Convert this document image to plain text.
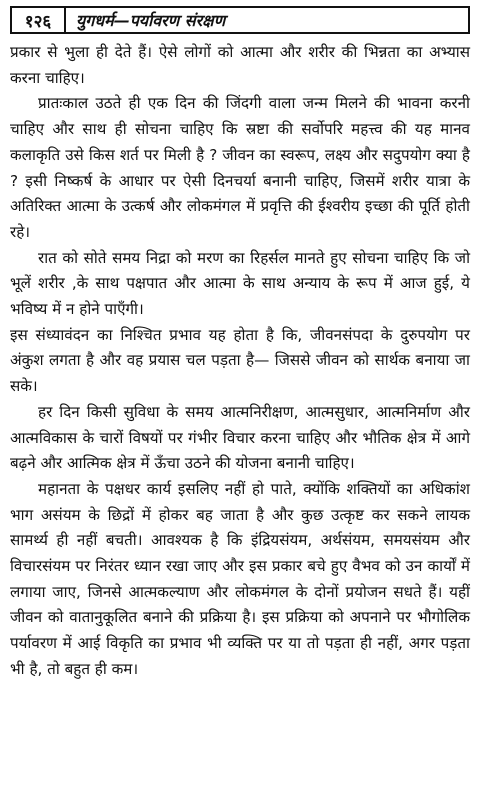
१२६	युगधर्म—पर्यावरण संरक्षण

प्रकार से भुला ही देते हैं। ऐसे लोगों को आत्मा और शरीर की भिन्नता का अभ्यास करना चाहिए।

प्रातःकाल उठते ही एक दिन की जिंदगी वाला जन्म मिलने की भावना करनी चाहिए और साथ ही सोचना चाहिए कि स्रष्टा की सर्वोपरि महत्त्व की यह मानव कलाकृति उसे किस शर्त पर मिली है ? जीवन का स्वरूप, लक्ष्य और सदुपयोग क्या है ? इसी निष्कर्ष के आधार पर ऐसी दिनचर्या बनानी चाहिए, जिसमें शरीर यात्रा के अतिरिक्त आत्मा के उत्कर्ष और लोकमंगल में प्रवृत्ति की ईश्वरीय इच्छा की पूर्ति होती रहे।

रात को सोते समय निद्रा को मरण का रिहर्सल मानते हुए सोचना चाहिए कि जो भूलें शरीर ,के साथ पक्षपात और आत्मा के साथ अन्याय के रूप में आज हुई, ये भविष्य में न होने पाएँगी।

इस संध्यावंदन का निश्चित प्रभाव यह होता है कि, जीवनसंपदा के दुरुपयोग पर अंकुश लगता है और वह प्रयास चल पड़ता है— जिससे जीवन को सार्थक बनाया जा सके।

हर दिन किसी सुविधा के समय आत्मनिरीक्षण, आत्मसुधार, आत्मनिर्माण और आत्मविकास के चारों विषयों पर गंभीर विचार करना चाहिए और भौतिक क्षेत्र में आगे बढ़ने और आत्मिक क्षेत्र में ऊँचा उठने की योजना बनानी चाहिए।

महानता के पक्षधर कार्य इसलिए नहीं हो पाते, क्योंकि शक्तियों का अधिकांश भाग असंयम के छिद्रों में होकर बह जाता है और कुछ उत्कृष्ट कर सकने लायक सामर्थ्य ही नहीं बचती। आवश्यक है कि इंद्रियसंयम, अर्थसंयम, समयसंयम और विचारसंयम पर निरंतर ध्यान रखा जाए और इस प्रकार बचे हुए वैभव को उन कार्यों में लगाया जाए, जिनसे आत्मकल्याण और लोकमंगल के दोनों प्रयोजन सधते हैं। यहीं जीवन को वातानुकूलित बनाने की प्रक्रिया है। इस प्रक्रिया को अपनाने पर भौगोलिक पर्यावरण में आई विकृति का प्रभाव भी व्यक्ति पर या तो पड़ता ही नहीं, अगर पड़ता भी है, तो बहुत ही कम।
